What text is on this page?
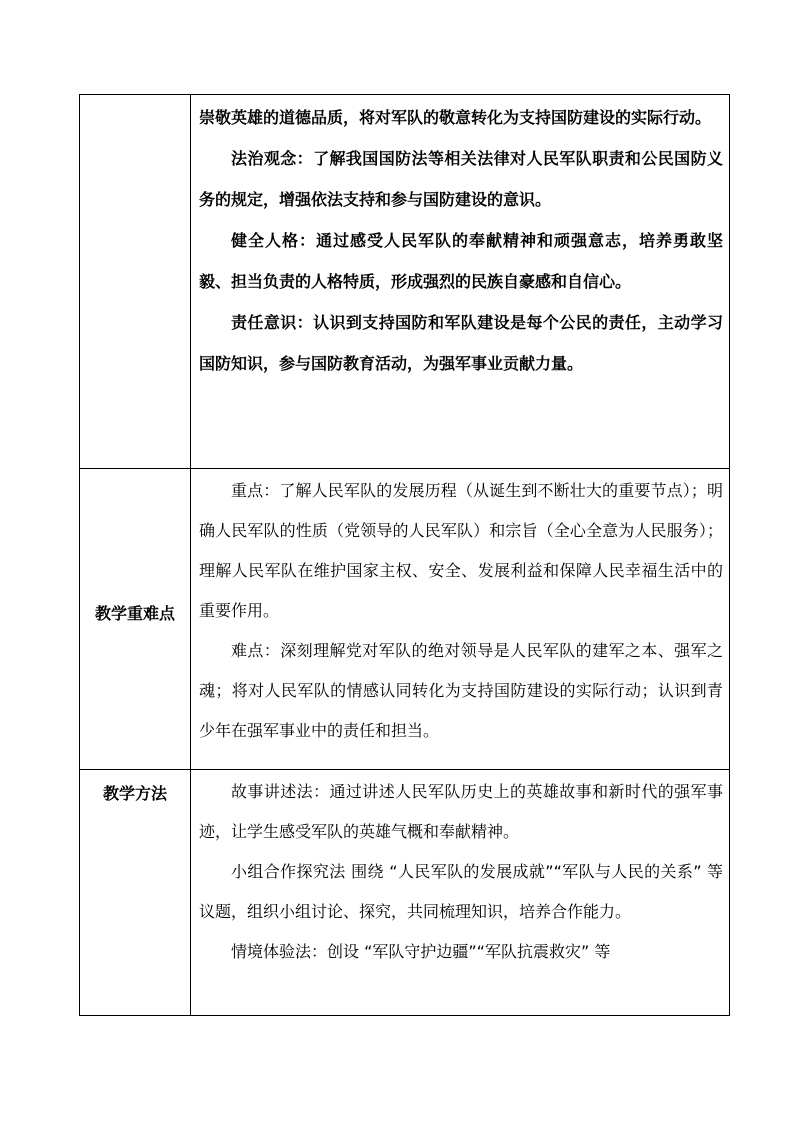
	崇敬英雄的道德品质，将对军队的敬意转化为支持国防建设的实际行动。

法治观念：了解我国国防法等相关法律对人民军队职责和公民国防义务的规定，增强依法支持和参与国防建设的意识。

健全人格：通过感受人民军队的奉献精神和顽强意志，培养勇敢坚毅、担当负责的人格特质，形成强烈的民族自豪感和自信心。

责任意识：认识到支持国防和军队建设是每个公民的责任，主动学习国防知识，参与国防教育活动，为强军事业贡献力量。

教学重难点	重点：了解人民军队的发展历程（从诞生到不断壮大的重要节点）；明确人民军队的性质（党领导的人民军队）和宗旨（全心全意为人民服务）；理解人民军队在维护国家主权、安全、发展利益和保障人民幸福生活中的重要作用。

难点：深刻理解党对军队的绝对领导是人民军队的建军之本、强军之魂；将对人民军队的情感认同转化为支持国防建设的实际行动；认识到青少年在强军事业中的责任和担当。

教学方法	故事讲述法：通过讲述人民军队历史上的英雄故事和新时代的强军事迹，让学生感受军队的英雄气概和奉献精神。

小组合作探究法 围绕 “人民军队的发展成就”“军队与人民的关系” 等议题，组织小组讨论、探究，共同梳理知识，培养合作能力。

情境体验法：创设 “军队守护边疆”“军队抗震救灾” 等
